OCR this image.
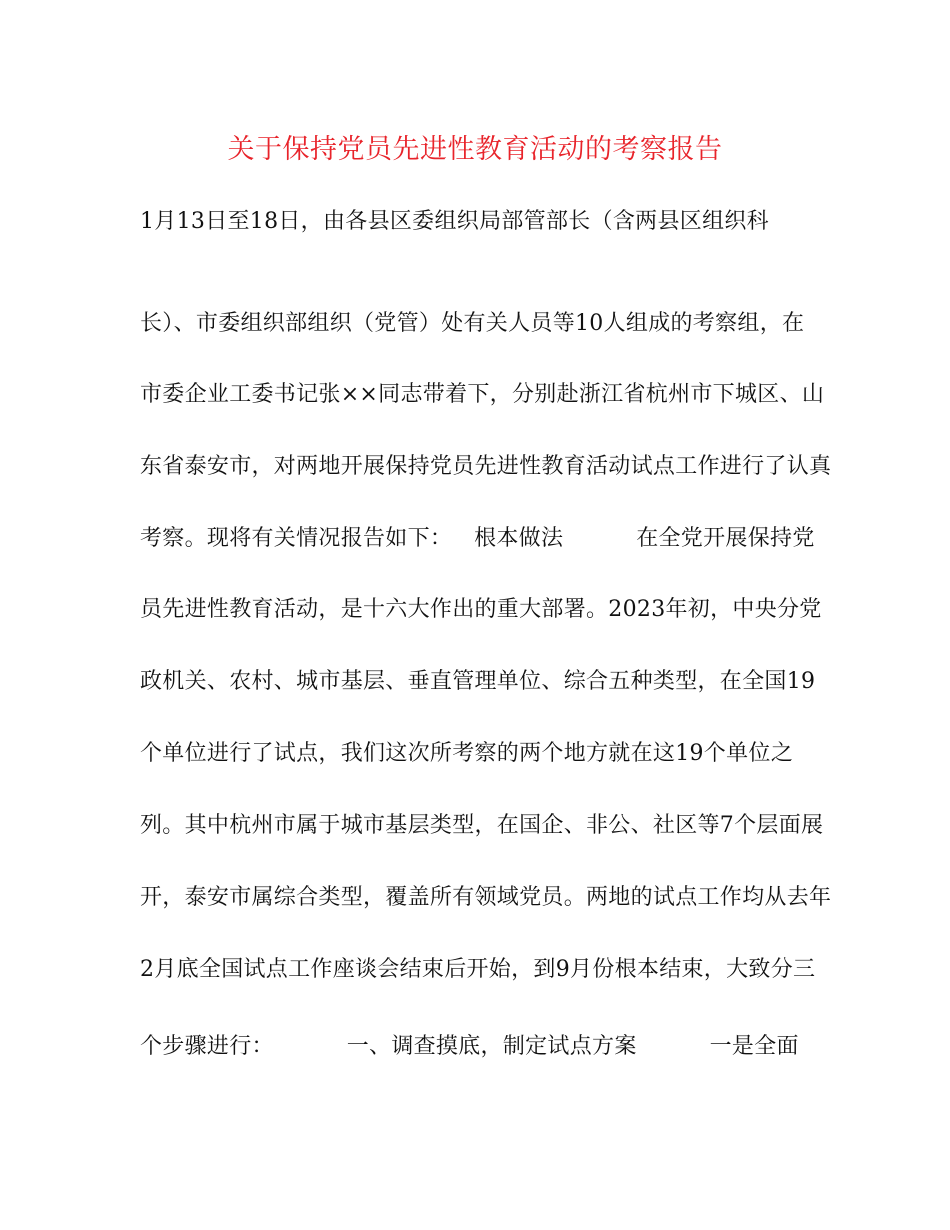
关于保持党员先进性教育活动的考察报告
1月13日至18日，由各县区委组织局部管部长（含两县区组织科
长）、市委组织部组织（党管）处有关人员等10人组成的考察组，在
市委企业工委书记张××同志带着下，分别赴浙江省杭州市下城区、山
东省泰安市，对两地开展保持党员先进性教育活动试点工作进行了认真
考察。现将有关情况报告如下：   根本做法          在全党开展保持党
员先进性教育活动，是十六大作出的重大部署。2023年初，中央分党
政机关、农村、城市基层、垂直管理单位、综合五种类型，在全国19
个单位进行了试点，我们这次所考察的两个地方就在这19个单位之
列。其中杭州市属于城市基层类型，在国企、非公、社区等7个层面展
开，泰安市属综合类型，覆盖所有领域党员。两地的试点工作均从去年
2月底全国试点工作座谈会结束后开始，到9月份根本结束，大致分三
个步骤进行：          一、调查摸底，制定试点方案          一是全面
